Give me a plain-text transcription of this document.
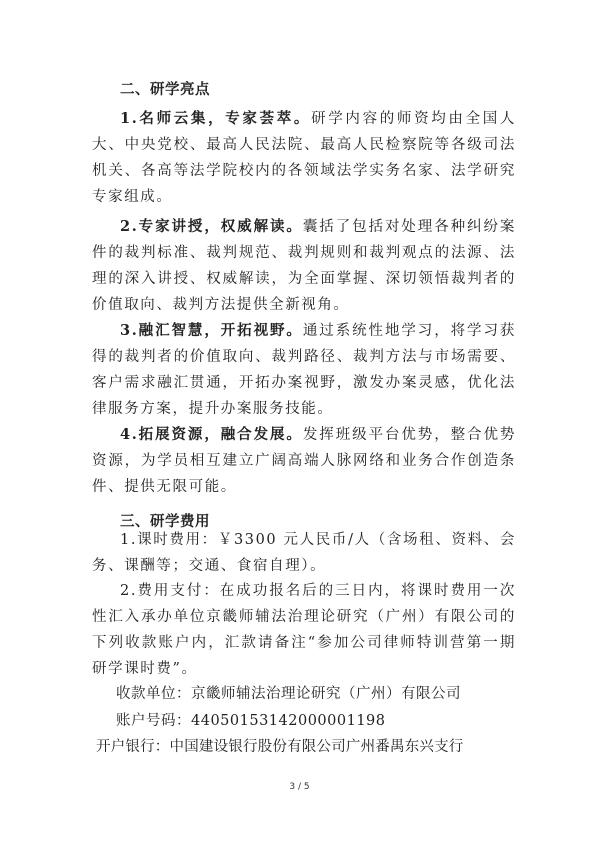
二、研学亮点
1.名师云集，专家荟萃。研学内容的师资均由全国人大、中央党校、最高人民法院、最高人民检察院等各级司法机关、各高等法学院校内的各领域法学实务名家、法学研究专家组成。
2.专家讲授，权威解读。囊括了包括对处理各种纠纷案件的裁判标准、裁判规范、裁判规则和裁判观点的法源、法理的深入讲授、权威解读，为全面掌握、深切领悟裁判者的价值取向、裁判方法提供全新视角。
3.融汇智慧，开拓视野。通过系统性地学习，将学习获得的裁判者的价值取向、裁判路径、裁判方法与市场需要、客户需求融汇贯通，开拓办案视野，激发办案灵感，优化法律服务方案，提升办案服务技能。
4.拓展资源，融合发展。发挥班级平台优势，整合优势资源，为学员相互建立广阔高端人脉网络和业务合作创造条件、提供无限可能。
三、研学费用
1.课时费用：￥3300 元人民币/人（含场租、资料、会务、课酬等；交通、食宿自理）。
2.费用支付：在成功报名后的三日内，将课时费用一次性汇入承办单位京畿师辅法治理论研究（广州）有限公司的下列收款账户内，汇款请备注“参加公司律师特训营第一期研学课时费”。
收款单位：京畿师辅法治理论研究（广州）有限公司
账户号码：44050153142000001198
开户银行：中国建设银行股份有限公司广州番禺东兴支行
3 / 5
